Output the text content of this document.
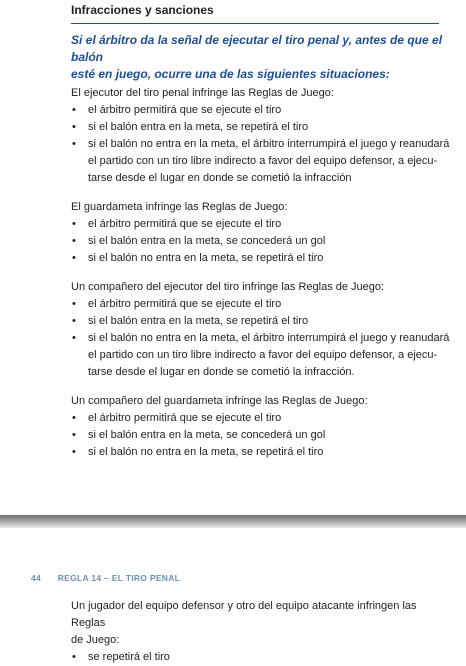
Infracciones y sanciones
Si el árbitro da la señal de ejecutar el tiro penal y, antes de que el balón
esté en juego, ocurre una de las siguientes situaciones:
El ejecutor del tiro penal infringe las Reglas de Juego:
• el árbitro permitirá que se ejecute el tiro
• si el balón entra en la meta, se repetirá el tiro
• si el balón no entra en la meta, el árbitro interrumpirá el juego y reanudará
el partido con un tiro libre indirecto a favor del equipo defensor, a ejecu-
tarse desde el lugar en donde se cometió la infracción
El guardameta infringe las Reglas de Juego:
• el árbitro permitirá que se ejecute el tiro
• si el balón entra en la meta, se concederá un gol
• si el balón no entra en la meta, se repetirá el tiro
Un compañero del ejecutor del tiro infringe las Reglas de Juego:
• el árbitro permitirá que se ejecute el tiro
• si el balón entra en la meta, se repetirá el tiro
• si el balón no entra en la meta, el árbitro interrumpirá el juego y reanudará
el partido con un tiro libre indirecto a favor del equipo defensor, a ejecu-
tarse desde el lugar en donde se cometió la infracción.
Un compañero del guardameta infringe las Reglas de Juego:
• el árbitro permitirá que se ejecute el tiro
• si el balón entra en la meta, se concederá un gol
• si el balón no entra en la meta, se repetirá el tiro
44 REGLA 14 – EL TIRO PENAL
Un jugador del equipo defensor y otro del equipo atacante infringen las Reglas
de Juego:
• se repetirá el tiro
